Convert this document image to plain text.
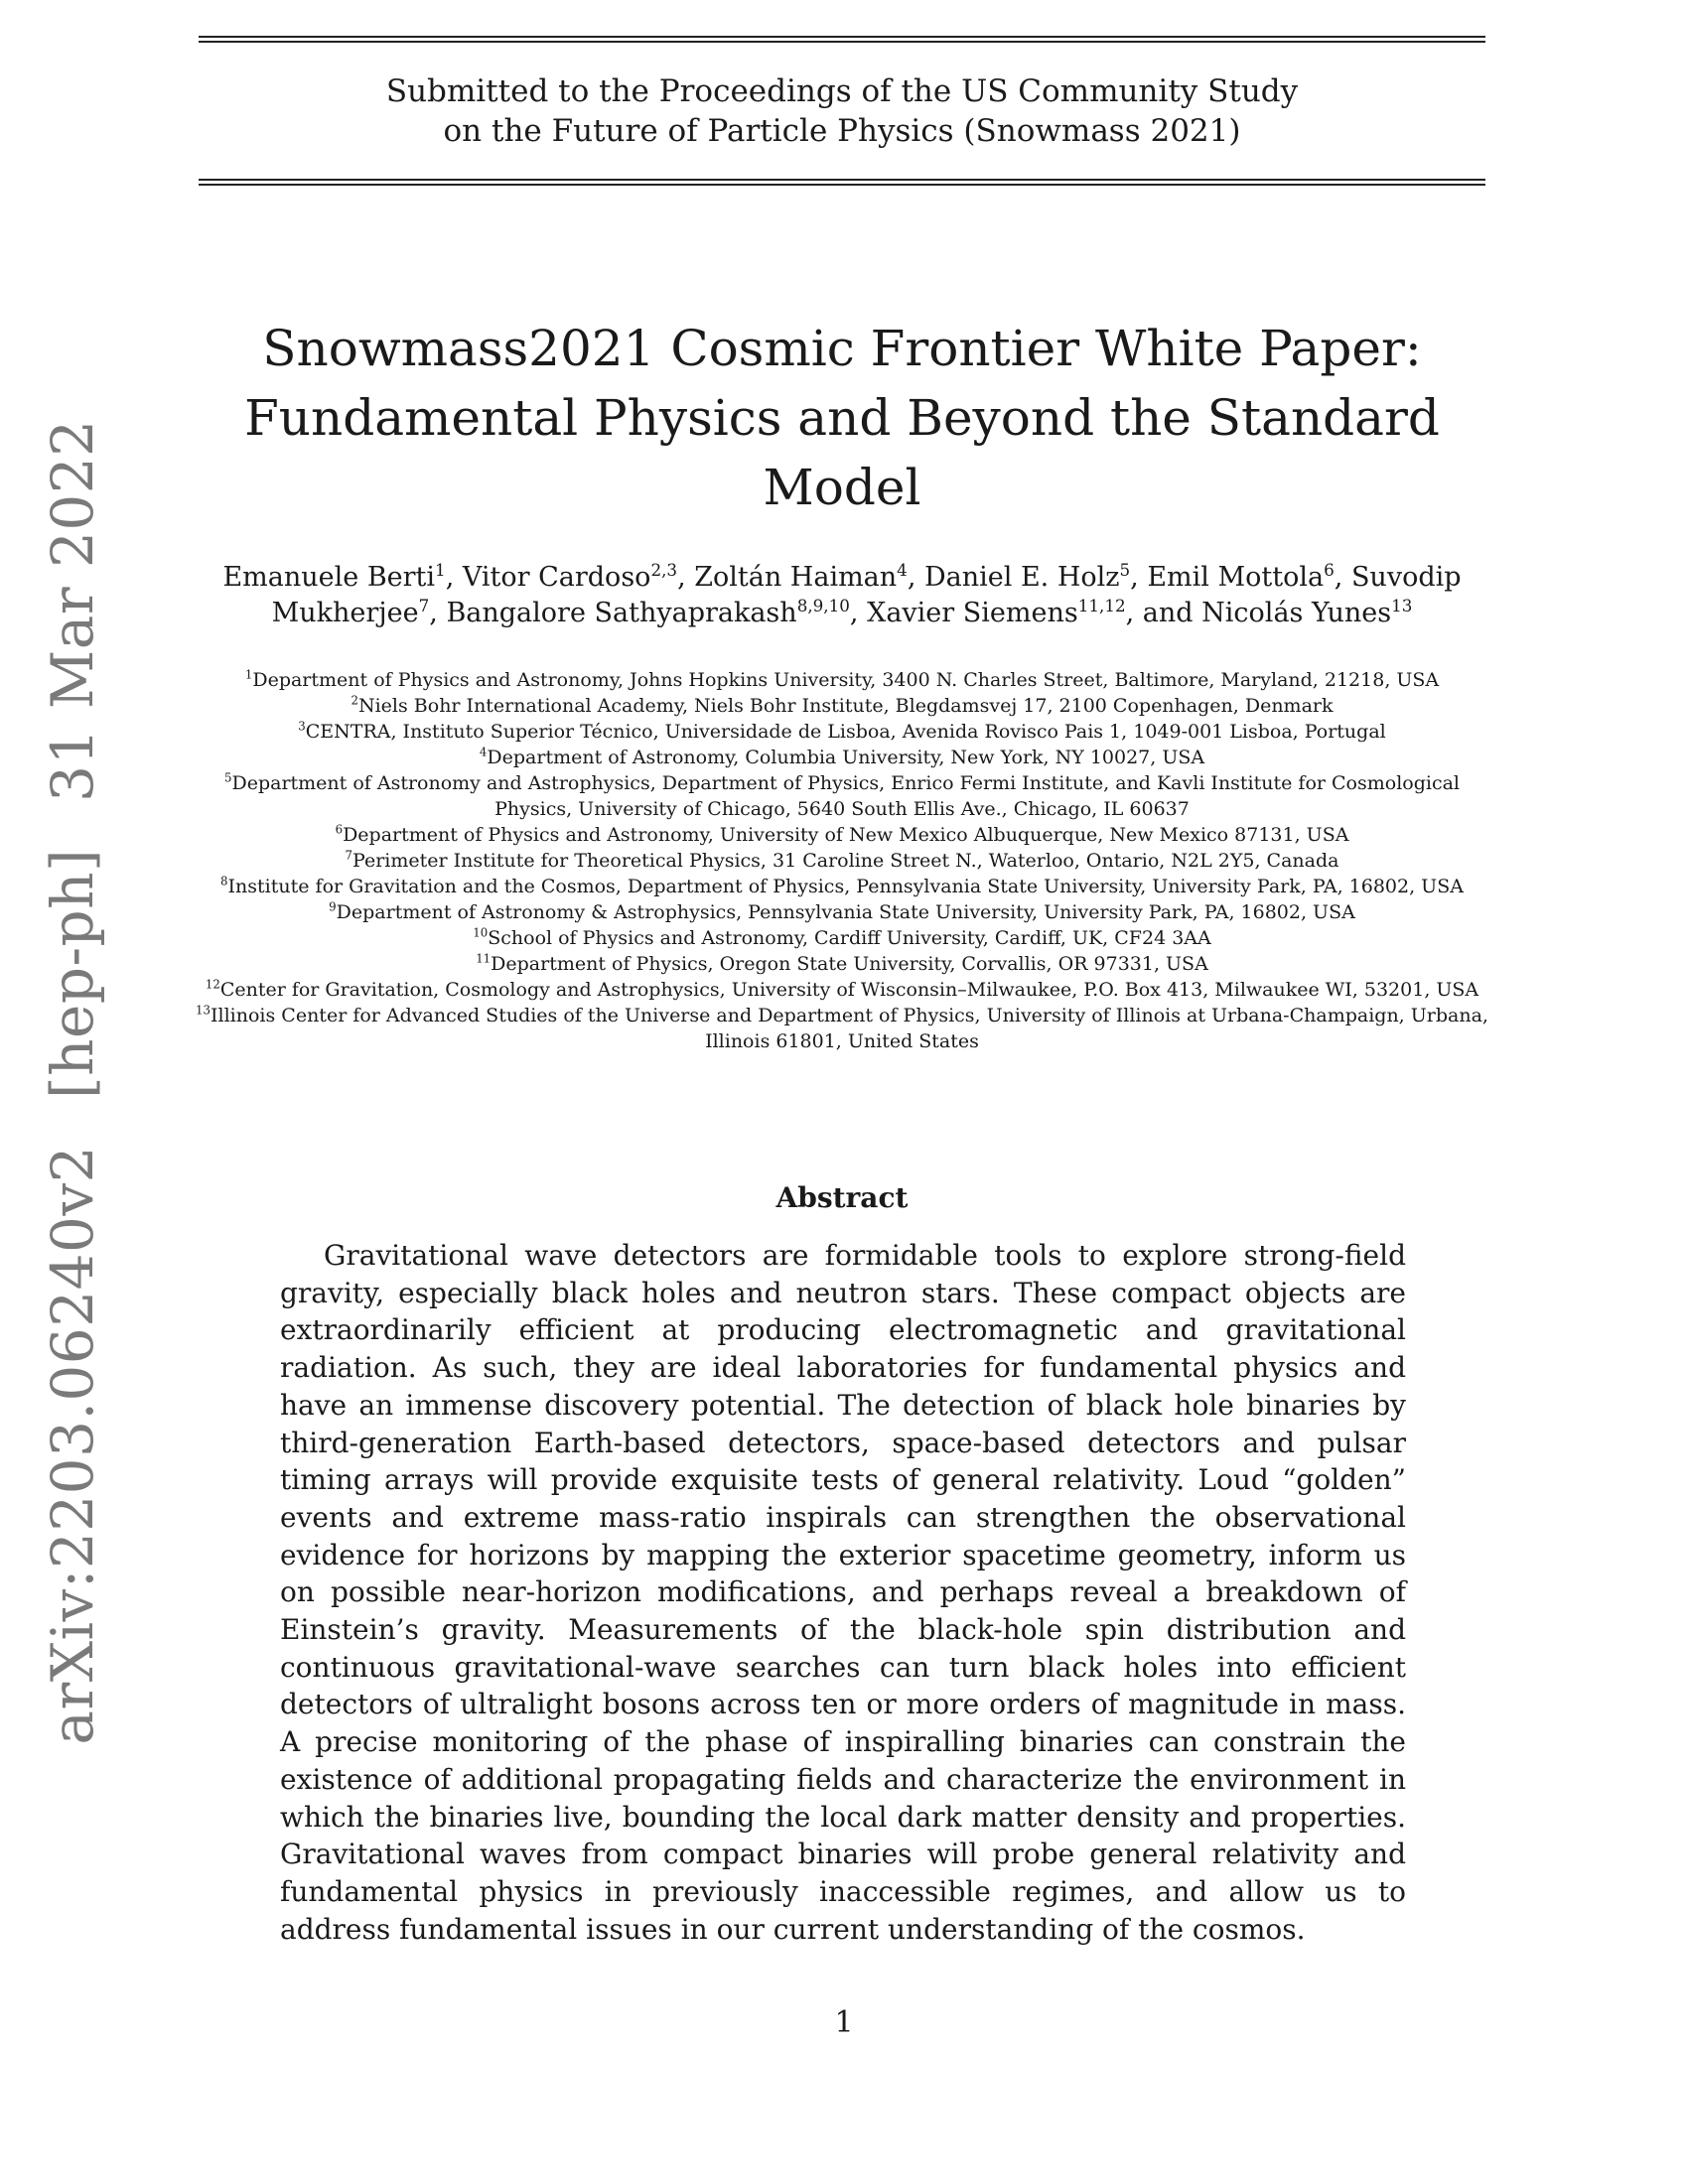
Submitted to the Proceedings of the US Community Study
on the Future of Particle Physics (Snowmass 2021)
Snowmass2021 Cosmic Frontier White Paper: Fundamental Physics and Beyond the Standard Model
Emanuele Berti$^1$, Vitor Cardoso$^{2,3}$, Zoltán Haiman$^4$, Daniel E. Holz$^5$, Emil Mottola$^6$, Suvodip Mukherjee$^7$, Bangalore Sathyaprakash$^{8,9,10}$, Xavier Siemens$^{11,12}$, and Nicolás Yunes$^{13}$
$^1$Department of Physics and Astronomy, Johns Hopkins University, 3400 N. Charles Street, Baltimore, Maryland, 21218, USA
$^2$Niels Bohr International Academy, Niels Bohr Institute, Blegdamsvej 17, 2100 Copenhagen, Denmark
$^3$CENTRA, Instituto Superior Técnico, Universidade de Lisboa, Avenida Rovisco Pais 1, 1049-001 Lisboa, Portugal
$^4$Department of Astronomy, Columbia University, New York, NY 10027, USA
$^5$Department of Astronomy and Astrophysics, Department of Physics, Enrico Fermi Institute, and Kavli Institute for Cosmological
Physics, University of Chicago, 5640 South Ellis Ave., Chicago, IL 60637
$^6$Department of Physics and Astronomy, University of New Mexico Albuquerque, New Mexico 87131, USA
$^7$Perimeter Institute for Theoretical Physics, 31 Caroline Street N., Waterloo, Ontario, N2L 2Y5, Canada
$^8$Institute for Gravitation and the Cosmos, Department of Physics, Pennsylvania State University, University Park, PA, 16802, USA
$^9$Department of Astronomy & Astrophysics, Pennsylvania State University, University Park, PA, 16802, USA
$^{10}$School of Physics and Astronomy, Cardiff University, Cardiff, UK, CF24 3AA
$^{11}$Department of Physics, Oregon State University, Corvallis, OR 97331, USA
$^{12}$Center for Gravitation, Cosmology and Astrophysics, University of Wisconsin–Milwaukee, P.O. Box 413, Milwaukee WI, 53201, USA
$^{13}$Illinois Center for Advanced Studies of the Universe and Department of Physics, University of Illinois at Urbana-Champaign, Urbana,
Illinois 61801, United States
arXiv:2203.06240v2 [hep-ph] 31 Mar 2022
Abstract

Gravitational wave detectors are formidable tools to explore strong-field gravity, especially black holes and neutron stars. These compact objects are extraordinarily efficient at producing electromagnetic and gravitational radiation. As such, they are ideal laboratories for fundamental physics and have an immense discovery potential. The detection of black hole binaries by third-generation Earth-based detectors, space-based detectors and pulsar timing arrays will provide exquisite tests of general relativity. Loud “golden” events and extreme mass-ratio inspirals can strengthen the observational evidence for horizons by mapping the exterior spacetime geometry, inform us on possible near-horizon modifications, and perhaps reveal a breakdown of Einstein’s gravity. Measurements of the black-hole spin distribution and continuous gravitational-wave searches can turn black holes into efficient detectors of ultralight bosons across ten or more orders of magnitude in mass. A precise monitoring of the phase of inspiralling binaries can constrain the existence of additional propagating fields and characterize the environment in which the binaries live, bounding the local dark matter density and properties. Gravitational waves from compact binaries will probe general relativity and fundamental physics in previously inaccessible regimes, and allow us to address fundamental issues in our current understanding of the cosmos.

1
